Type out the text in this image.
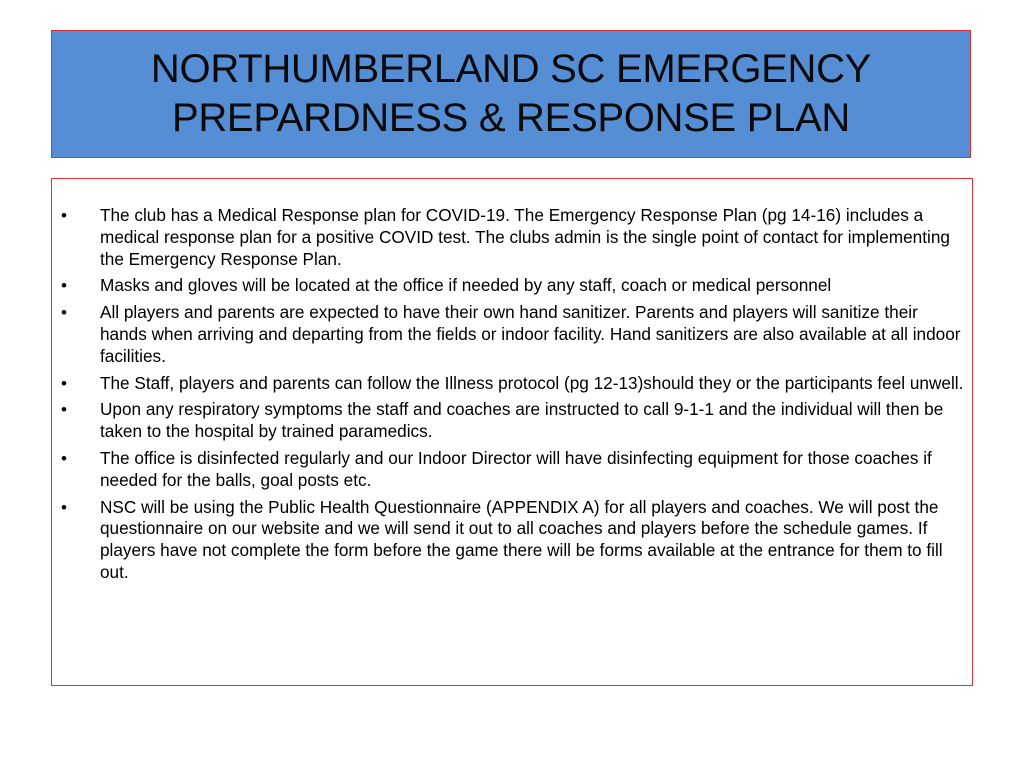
NORTHUMBERLAND SC EMERGENCY
PREPARDNESS & RESPONSE PLAN
• The club has a Medical Response plan for COVID-19. The Emergency Response Plan (pg 14-16) includes a medical response plan for a positive COVID test. The clubs admin is the single point of contact for implementing the Emergency Response Plan.
• Masks and gloves will be located at the office if needed by any staff, coach or medical personnel
• All players and parents are expected to have their own hand sanitizer. Parents and players will sanitize their hands when arriving and departing from the fields or indoor facility. Hand sanitizers are also available at all indoor facilities.
• The Staff, players and parents can follow the Illness protocol (pg 12-13)should they or the participants feel unwell.
• Upon any respiratory symptoms the staff and coaches are instructed to call 9-1-1 and the individual will then be taken to the hospital by trained paramedics.
• The office is disinfected regularly and our Indoor Director will have disinfecting equipment for those coaches if needed for the balls, goal posts etc.
• NSC will be using the Public Health Questionnaire (APPENDIX A) for all players and coaches. We will post the questionnaire on our website and we will send it out to all coaches and players before the schedule games. If players have not complete the form before the game there will be forms available at the entrance for them to fill out.
